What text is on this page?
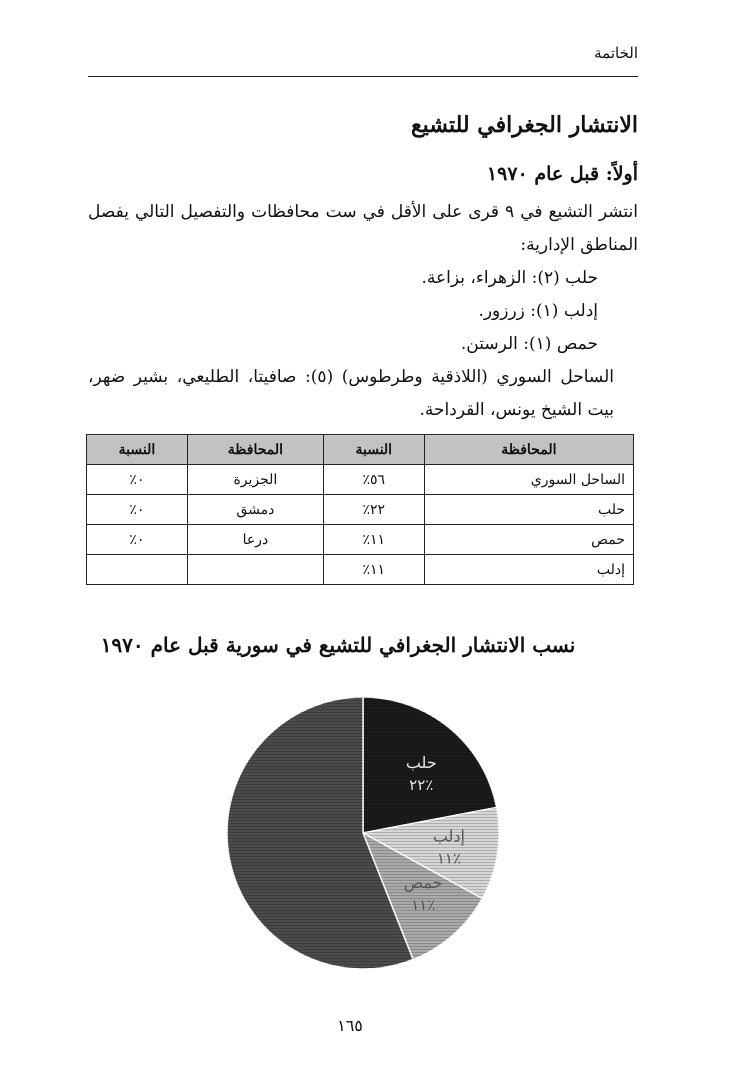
الخاتمة
الانتشار الجغرافي للتشيع
أولاً: قبل عام ١٩٧٠

انتشر التشيع في ٩ قرى على الأقل في ست محافظات والتفصيل التالي يفصل المناطق الإدارية:

حلب (٢): الزهراء، بزاعة.

إدلب (١): زرزور.

حمص (١): الرستن.

الساحل السوري (اللاذقية وطرطوس) (٥): صافيتا، الطليعي، بشير ضهر، بيت الشيخ يونس، القرداحة.

المحافظة	النسبة	المحافظة	النسبة
الساحل السوري	٥٦٪	الجزيرة	٠٪
حلب	٢٢٪	دمشق	٠٪
حمص	١١٪	درعا	٠٪
إدلب	١١٪		
نسب الانتشار الجغرافي للتشيع في سورية قبل عام ١٩٧٠
حلب
٢٢٪
إدلب
١١٪
حمص
١١٪
١٦٥
